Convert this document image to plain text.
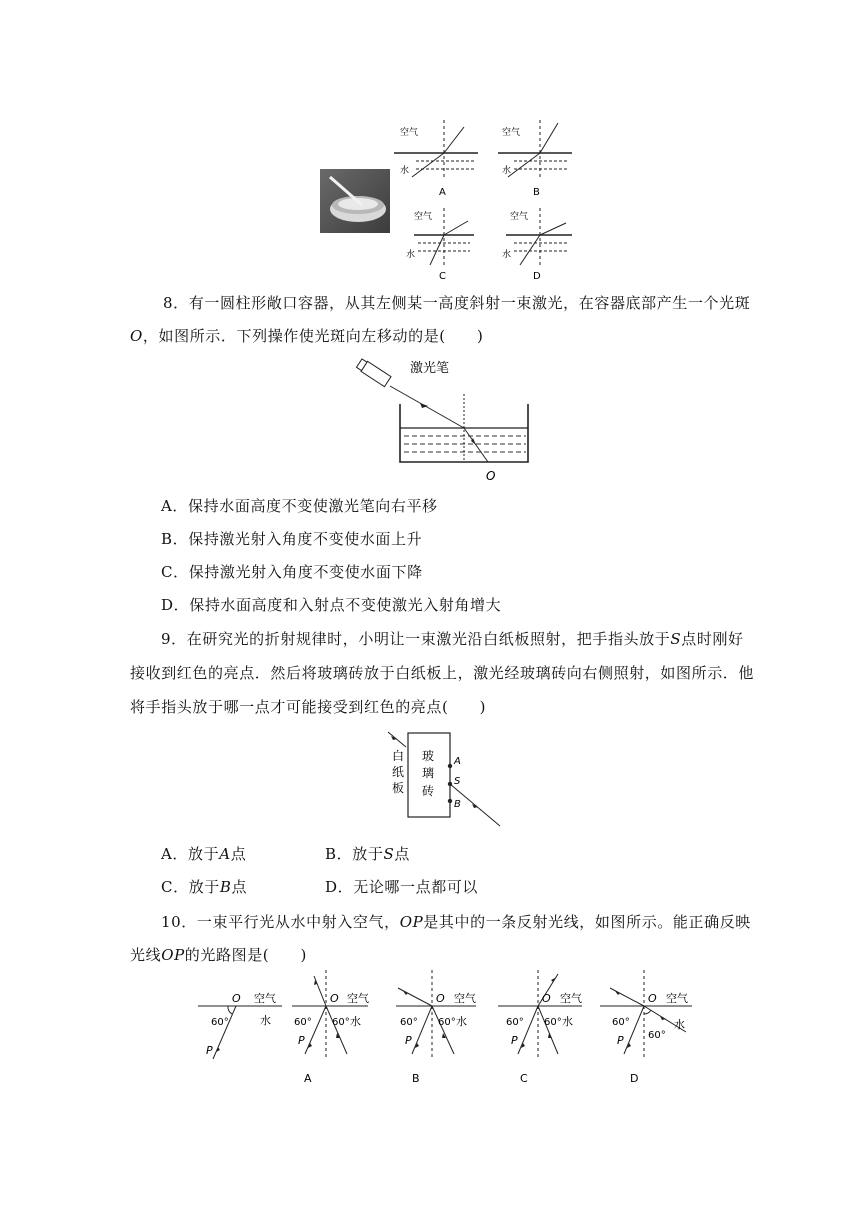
空气
水
A
空气
水
B
空气
水
C
空气
水
D
8．有一圆柱形敞口容器，从其左侧某一高度斜射一束激光，在容器底部产生一个光斑
O，如图所示．下列操作使光斑向左移动的是(　　)
激光笔
O
A．保持水面高度不变使激光笔向右平移
B．保持激光射入角度不变使水面上升
C．保持激光射入角度不变使水面下降
D．保持水面高度和入射点不变使激光入射角增大
9．在研究光的折射规律时，小明让一束激光沿白纸板照射，把手指头放于S点时刚好
接收到红色的亮点．然后将玻璃砖放于白纸板上，激光经玻璃砖向右侧照射，如图所示．他
将手指头放于哪一点才可能接受到红色的亮点(　　)
白
纸
板
玻
璃
砖
A
S
B
A．放于A点	B．放于S点
C．放于B点	D．无论哪一点都可以
10．一束平行光从水中射入空气，OP是其中的一条反射光线，如图所示。能正确反映
光线OP的光路图是(　　)
O 空气
水
60°
P
O 空气
60° 60° 水
P
A
O 空气
60° 60° 水
P
B
O 空气
60° 60° 水
P
C
O 空气
60°
60°
水
P
D
